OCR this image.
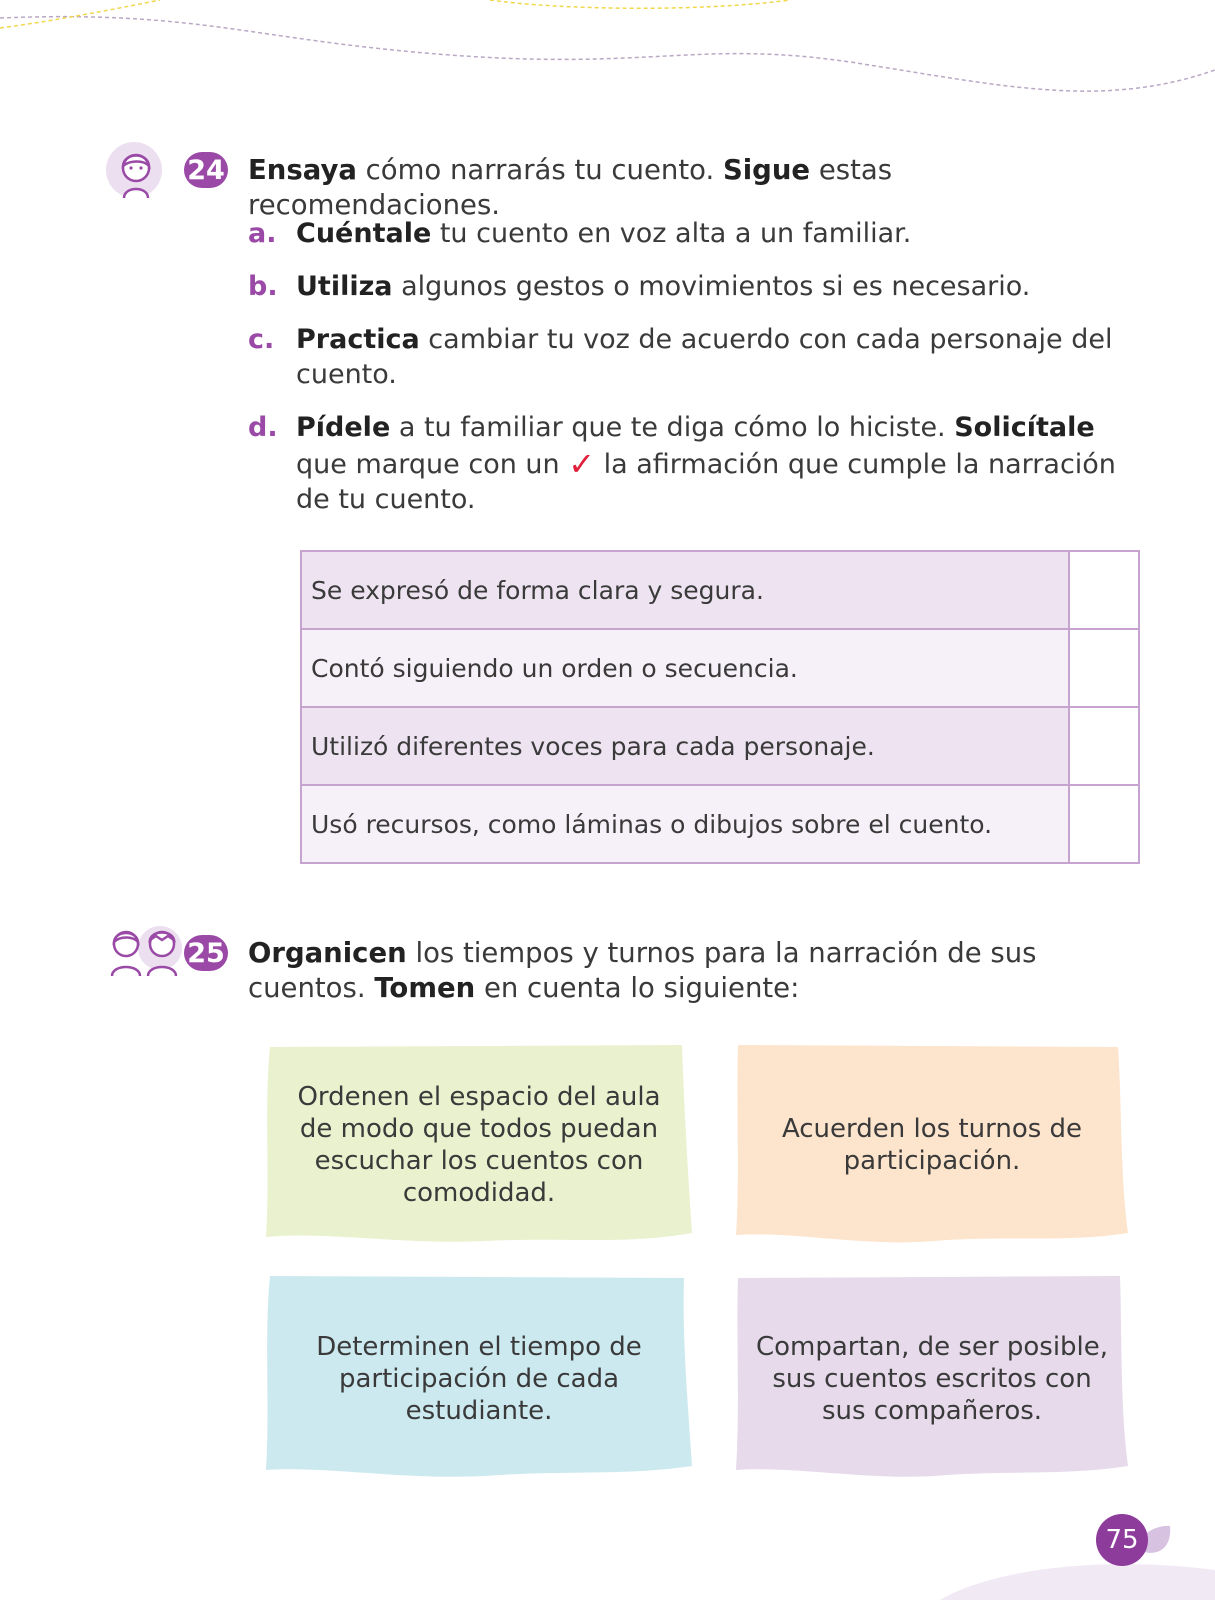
24 Ensaya cómo narrarás tu cuento. Sigue estas recomendaciones.
a. Cuéntale tu cuento en voz alta a un familiar.
b. Utiliza algunos gestos o movimientos si es necesario.
c. Practica cambiar tu voz de acuerdo con cada personaje del cuento.
d. Pídele a tu familiar que te diga cómo lo hiciste. Solicítale que marque con un ✓ la afirmación que cumple la narración de tu cuento.
Se expresó de forma clara y segura.	
Contó siguiendo un orden o secuencia.	
Utilizó diferentes voces para cada personaje.	
Usó recursos, como láminas o dibujos sobre el cuento.	
25 Organicen los tiempos y turnos para la narración de sus cuentos. Tomen en cuenta lo siguiente:
Ordenen el espacio del aula de modo que todos puedan escuchar los cuentos con comodidad.
Acuerden los turnos de participación.
Determinen el tiempo de participación de cada estudiante.
Compartan, de ser posible, sus cuentos escritos con sus compañeros.
75
